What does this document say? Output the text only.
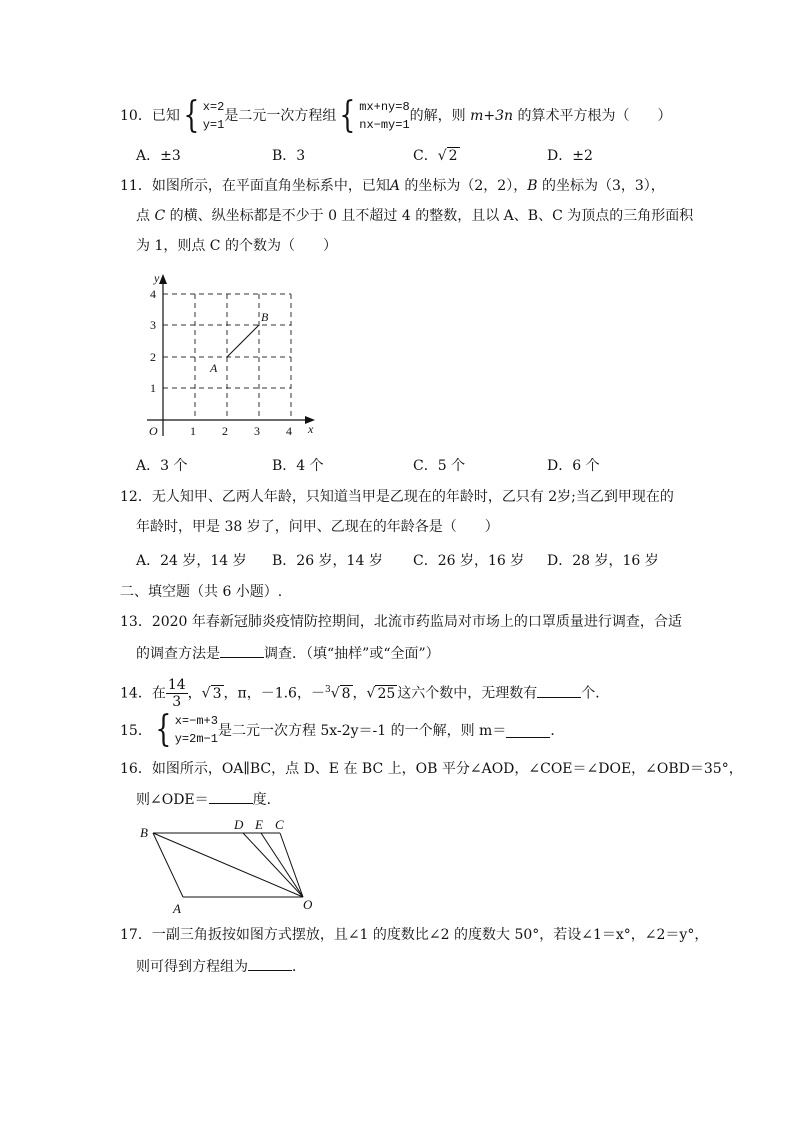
10．已知{ x=2
y=1
是二元一次方程组{ mx+ny=8
nx−my=1
的解，则 m+3n 的算术平方根为（　　）
A．±3	B．3	C．√ 2	D．±2
11．如图所示，在平面直角坐标系中，已知A 的坐标为（2，2），B 的坐标为（3，3），
点 C 的横、纵坐标都是不少于 0 且不超过 4 的整数，且以 A、B、C 为顶点的三角形面积
为 1，则点 C 的个数为（　　）
y
x
O	1 2 3 4
1
2
3
4
A
B
A．3 个	B．4 个	C．5 个	D．6 个
12．无人知甲、乙两人年龄，只知道当甲是乙现在的年龄时，乙只有 2岁;当乙到甲现在的
年龄时，甲是 38 岁了，问甲、乙现在的年龄各是（　　）
A．24 岁，14 岁 B．26 岁，14 岁 C．26 岁，16 岁 D．28 岁，16 岁
二、填空题（共 6 小题）.
13．2020 年春新冠肺炎疫情防控期间，北流市药监局对市场上的口罩质量进行调查，合适
的调查方法是	调查．（填“抽样”或“全面”）
14．在 $\frac{14}{3}$ ，√ 3 ，π，－1.6，－$^3$√ 8 ，√ 25 这六个数中，无理数有	个．
15．{ x=−m+3
y=2m−1 是二元一次方程 5x-2y＝-1 的一个解，则 m＝	．
16．如图所示，OA∥BC，点 D、E 在 BC 上，OB 平分∠AOD，∠COE＝∠DOE，∠OBD＝35°，
则∠ODE＝	度．
B
D E C
A	O
17．一副三角扳按如图方式摆放，且∠1 的度数比∠2 的度数大 50°，若设∠1＝x°，∠2＝y°，
则可得到方程组为	．
